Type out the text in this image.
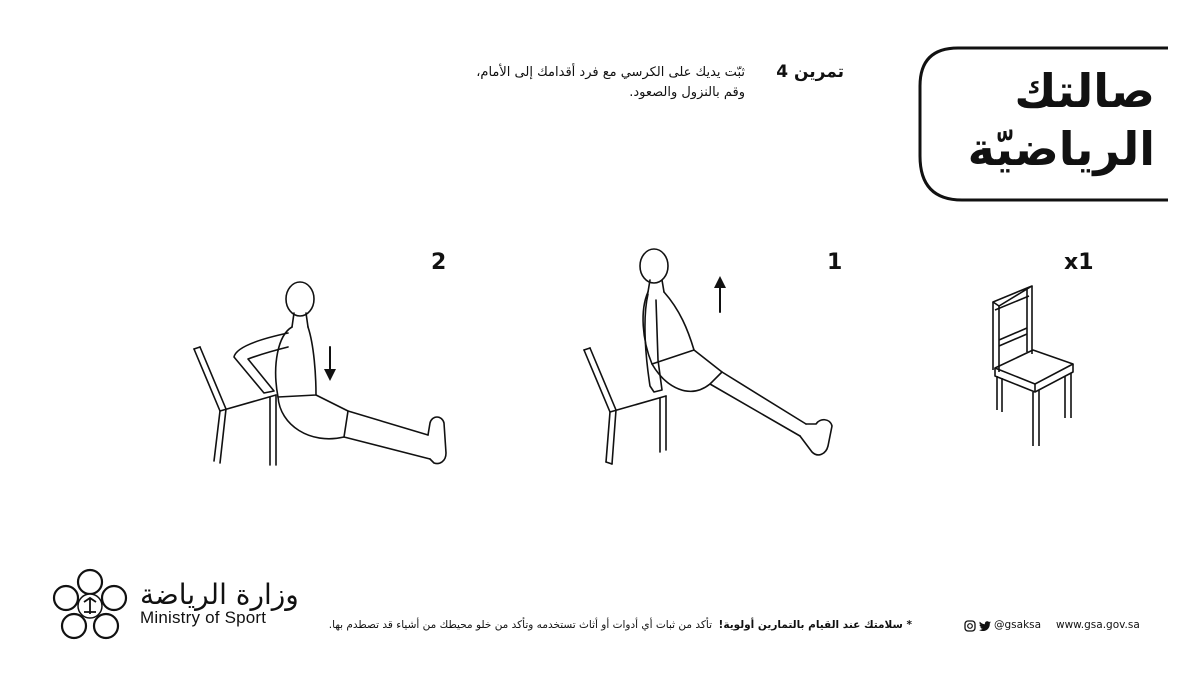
صالتك
الرياضيّة
تمرين 4
ثبّت يديك على الكرسي مع فرد أقدامك إلى الأمام،
وقم بالنزول والصعود.
x1
1
2
وزارة الرياضة
Ministry of Sport	* سلامتك عند القيام بالتمارين أولوية!
تأكد من ثبات أي أدوات أو أثاث تستخدمه وتأكد من خلو محيطك من أشياء قد تصطدم بها.	@gsaksa www.gsa.gov.sa
